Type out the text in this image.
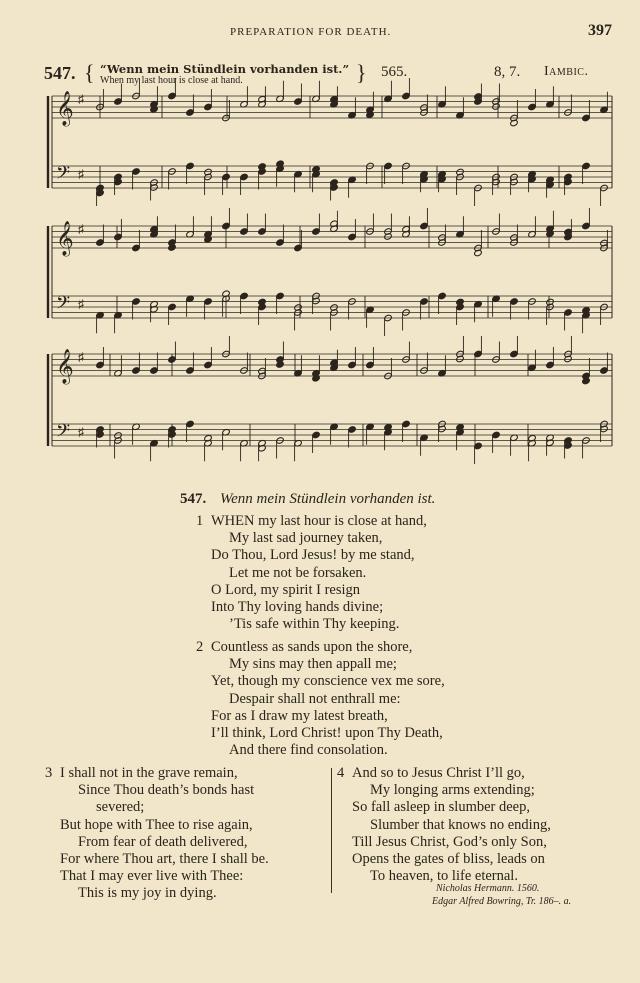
PREPARATION FOR DEATH.	397
547. { “Wenn mein Stündlein vorhanden ist.”
When my last hour is close at hand.	} 565.	8, 7. Iambic.
𝄞 ♯
𝄢 ♯
𝄞 ♯
𝄢 ♯
𝄞 ♯
𝄢 ♯
547. Wenn mein Stündlein vorhanden ist.
1 WHEN my last hour is close at hand,
My last sad journey taken,
Do Thou, Lord Jesus! by me stand,
Let me not be forsaken.
O Lord, my spirit I resign
Into Thy loving hands divine;
’Tis safe within Thy keeping.
2 Countless as sands upon the shore,
My sins may then appall me;
Yet, though my conscience vex me sore,
Despair shall not enthrall me:
For as I draw my latest breath,
I’ll think, Lord Christ! upon Thy Death,
And there find consolation.
3 I shall not in the grave remain,
Since Thou death’s bonds hast
severed;
But hope with Thee to rise again,
From fear of death delivered,
For where Thou art, there I shall be.
That I may ever live with Thee:
This is my joy in dying.
4 And so to Jesus Christ I’ll go,
My longing arms extending;
So fall asleep in slumber deep,
Slumber that knows no ending,
Till Jesus Christ, God’s only Son,
Opens the gates of bliss, leads on
To heaven, to life eternal.
Nicholas Hermann. 1560.
Edgar Alfred Bowring, Tr. 186–. a.
